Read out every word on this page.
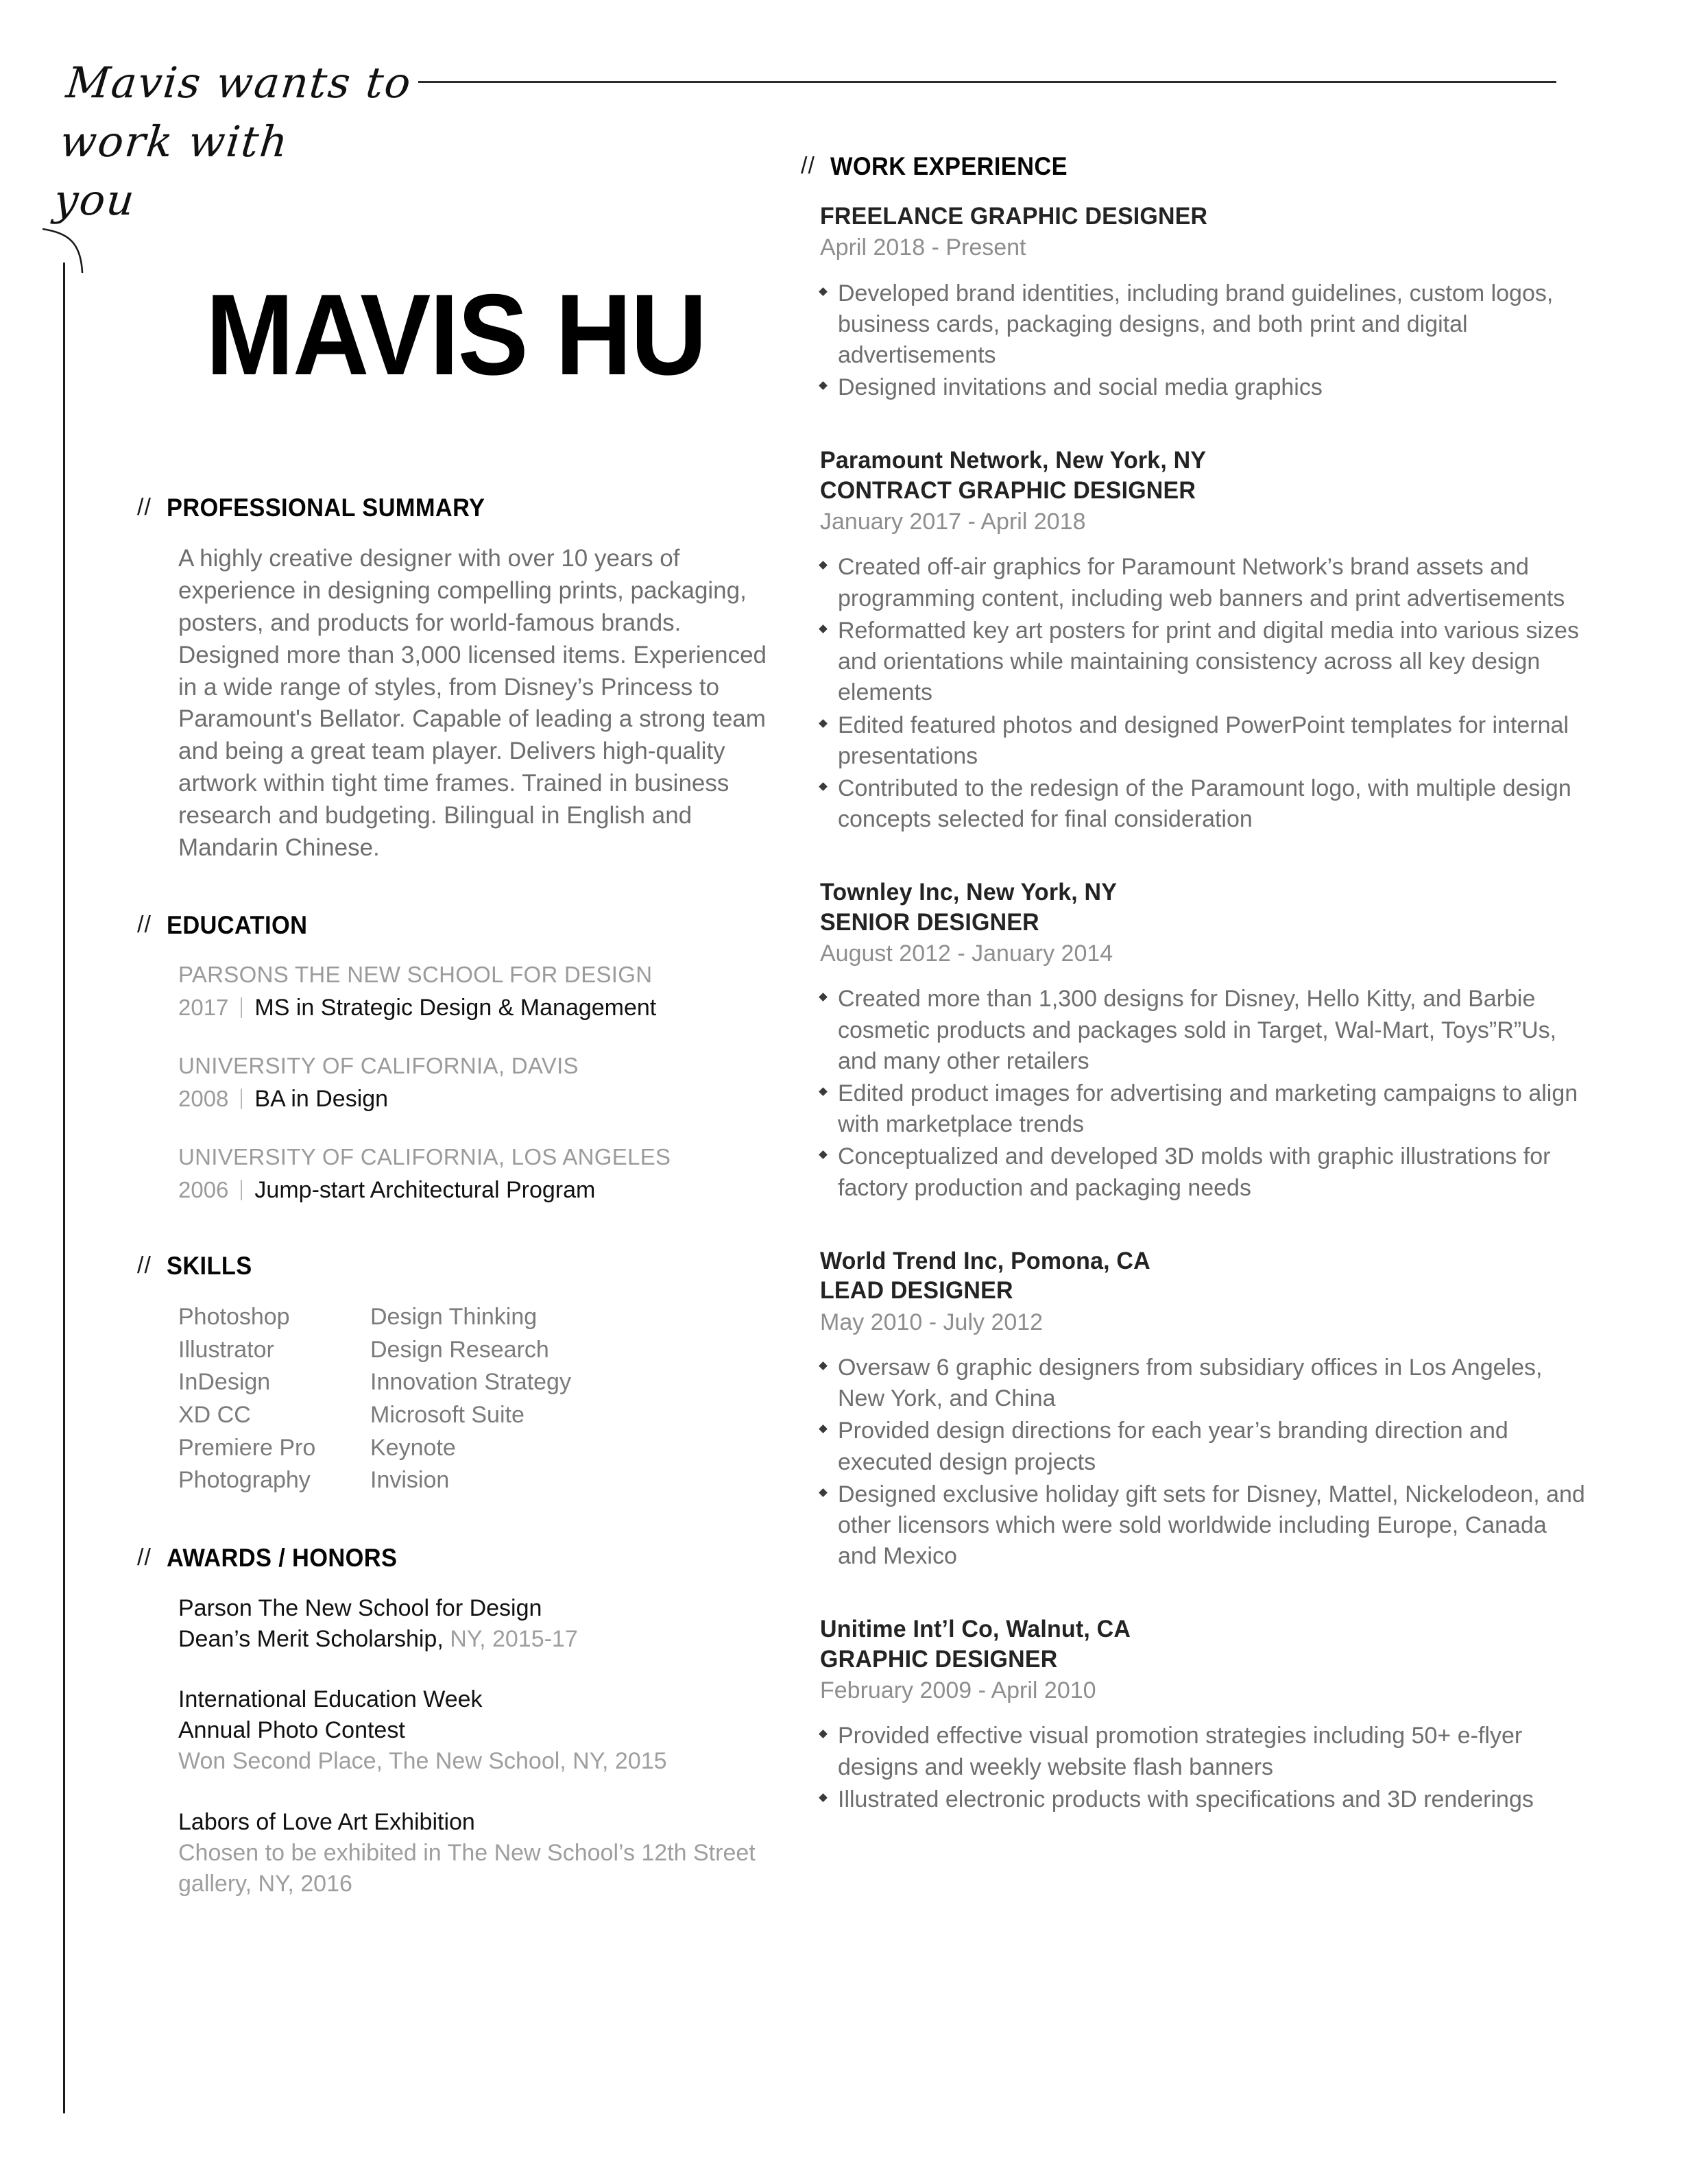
Mavis wants to
work with
you
MAVIS HU
// PROFESSIONAL SUMMARY

A highly creative designer with over 10 years of experience in designing compelling prints, packaging, posters, and products for world-famous brands. Designed more than 3,000 licensed items. Experienced in a wide range of styles, from Disney’s Princess to Paramount's Bellator. Capable of leading a strong team and being a great team player. Delivers high-quality artwork within tight time frames. Trained in business research and budgeting. Bilingual in English and Mandarin Chinese.

// EDUCATION
PARSONS THE NEW SCHOOL FOR DESIGN
2017 MS in Strategic Design & Management
UNIVERSITY OF CALIFORNIA, DAVIS
2008 BA in Design
UNIVERSITY OF CALIFORNIA, LOS ANGELES
2006 Jump-start Architectural Program
// SKILLS
Photoshop
Illustrator
InDesign
XD CC
Premiere Pro
Photography
Design Thinking
Design Research
Innovation Strategy
Microsoft Suite
Keynote
Invision
// AWARDS / HONORS
Parson The New School for Design
Dean’s Merit Scholarship, NY, 2015-17
International Education Week
Annual Photo Contest
Won Second Place, The New School, NY, 2015
Labors of Love Art Exhibition
Chosen to be exhibited in The New School’s 12th Street gallery, NY, 2016
// WORK EXPERIENCE
FREELANCE GRAPHIC DESIGNER
April 2018 - Present
Developed brand identities, including brand guidelines, custom logos, business cards, packaging designs, and both print and digital advertisements
Designed invitations and social media graphics
Paramount Network, New York, NY
CONTRACT GRAPHIC DESIGNER
January 2017 - April 2018
Created off-air graphics for Paramount Network’s brand assets and programming content, including web banners and print advertisements
Reformatted key art posters for print and digital media into various sizes and orientations while maintaining consistency across all key design elements
Edited featured photos and designed PowerPoint templates for internal presentations
Contributed to the redesign of the Paramount logo, with multiple design concepts selected for final consideration
Townley Inc, New York, NY
SENIOR DESIGNER
August 2012 - January 2014
Created more than 1,300 designs for Disney, Hello Kitty, and Barbie cosmetic products and packages sold in Target, Wal-Mart, Toys”R”Us, and many other retailers
Edited product images for advertising and marketing campaigns to align with marketplace trends
Conceptualized and developed 3D molds with graphic illustrations for factory production and packaging needs
World Trend Inc, Pomona, CA
LEAD DESIGNER
May 2010 - July 2012
Oversaw 6 graphic designers from subsidiary offices in Los Angeles, New York, and China
Provided design directions for each year’s branding direction and executed design projects
Designed exclusive holiday gift sets for Disney, Mattel, Nickelodeon, and other licensors which were sold worldwide including Europe, Canada and Mexico
Unitime Int’l Co, Walnut, CA
GRAPHIC DESIGNER
February 2009 - April 2010
Provided effective visual promotion strategies including 50+ e-flyer designs and weekly website flash banners
Illustrated electronic products with specifications and 3D renderings
